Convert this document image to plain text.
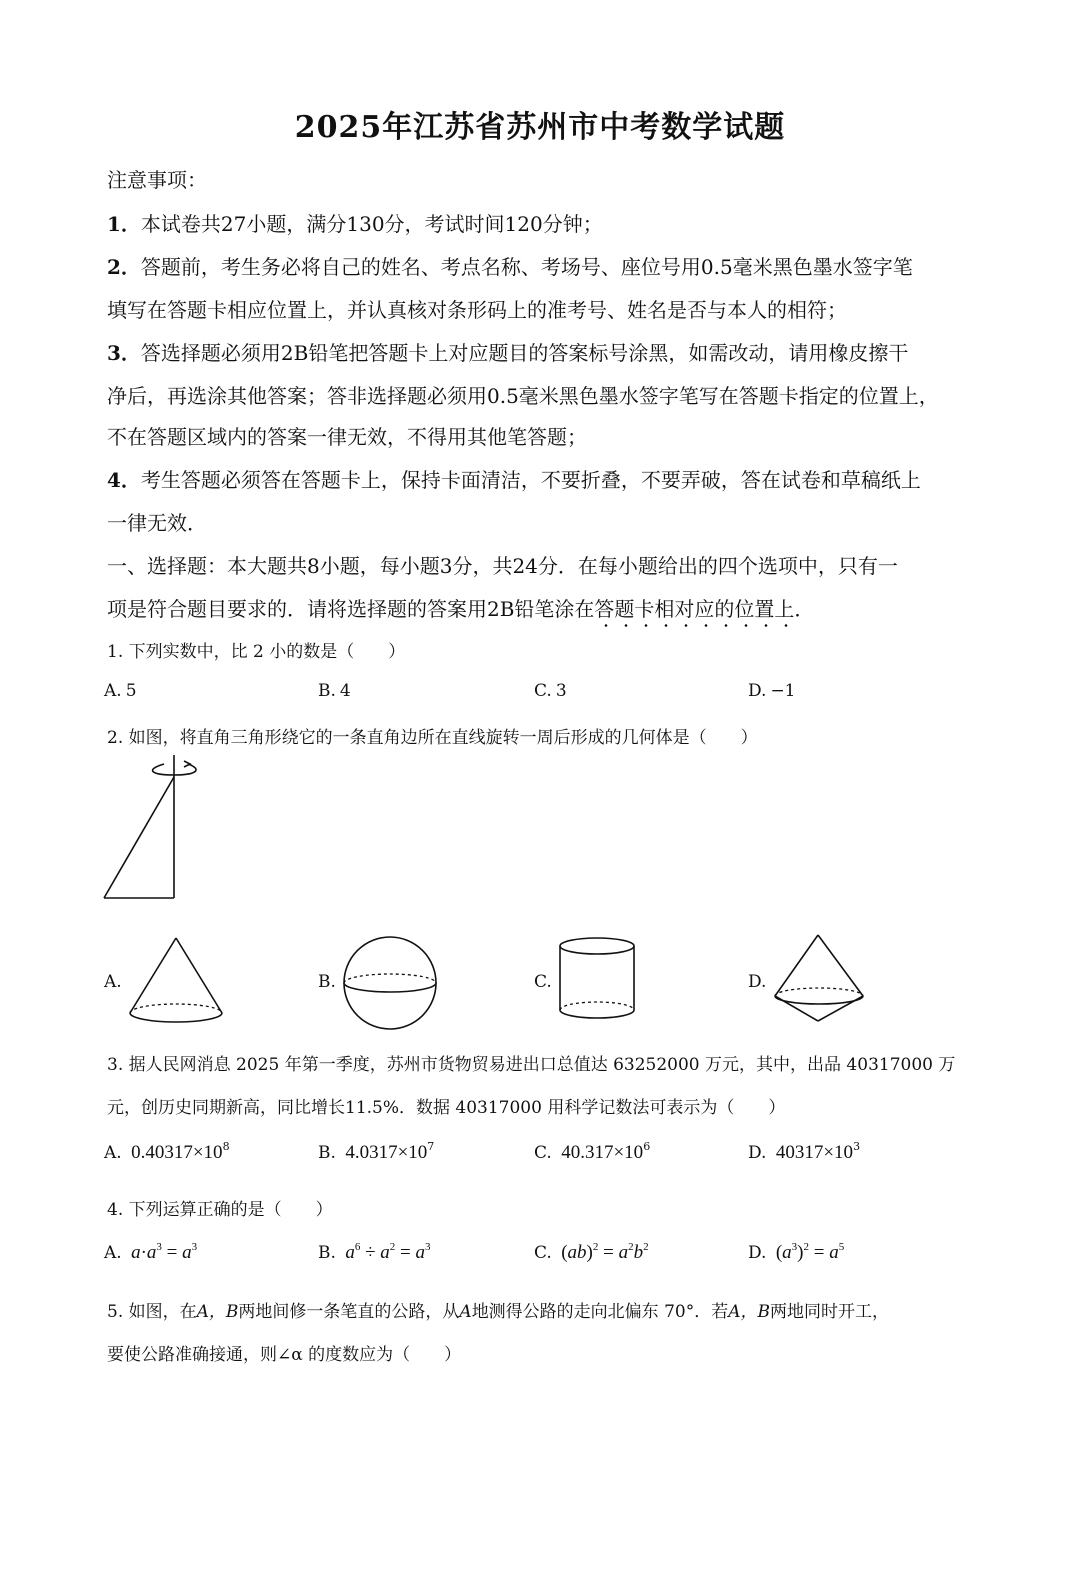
2025年江苏省苏州市中考数学试题
注意事项：
1．本试卷共27小题，满分130分，考试时间120分钟；
2．答题前，考生务必将自己的姓名、考点名称、考场号、座位号用0.5毫米黑色墨水签字笔
填写在答题卡相应位置上，并认真核对条形码上的准考号、姓名是否与本人的相符；
3．答选择题必须用2B铅笔把答题卡上对应题目的答案标号涂黑，如需改动，请用橡皮擦干
净后，再选涂其他答案；答非选择题必须用0.5毫米黑色墨水签字笔写在答题卡指定的位置上，
不在答题区域内的答案一律无效，不得用其他笔答题；
4．考生答题必须答在答题卡上，保持卡面清洁，不要折叠，不要弄破，答在试卷和草稿纸上
一律无效．
一、选择题：本大题共8小题，每小题3分，共24分．在每小题给出的四个选项中，只有一
项是符合题目要求的．请将选择题的答案用2B铅笔涂在答题卡相对应的位置上．
1. 下列实数中，比 2 小的数是（　　）
A. 5	B. 4	C. 3	D. −1
2. 如图，将直角三角形绕它的一条直角边所在直线旋转一周后形成的几何体是（　　）
A.	B.	C.	D.
3. 据人民网消息 2025 年第一季度，苏州市货物贸易进出口总值达 63252000 万元，其中，出品 40317000 万
元，创历史同期新高，同比增长11.5%．数据 40317000 用科学记数法可表示为（　　）
A. $0.40317\times 10^8$	B. $4.0317\times 10^7$	C. $40.317\times 10^6$	D. $40317\times 10^3$
4. 下列运算正确的是（　　）
A. $a\cdot a^3 = a^3$	B. $a^6 \div a^2 = a^3$	C. $(ab)^2 = a^2b^2$	D. $(a^3)^2 = a^5$
5. 如图，在A，B两地间修一条笔直的公路，从A地测得公路的走向北偏东 70°．若A，B两地同时开工，
要使公路准确接通，则∠α 的度数应为（　　）
